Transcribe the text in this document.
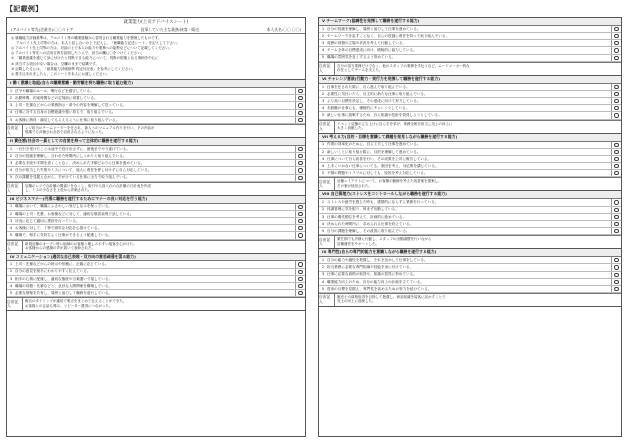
【記載例】
就業能力(上司アドバイスシート)
(アルバイト等先(企業名):〇〇ストア	従事していた主な業務:接客・販売	本人氏名:〇〇 〇〇)

◎ 就職能力評価基準は、アルバイト等の職業経験から習得される職業能力を整理したものです。

アルバイト先上司等の方は、本人と話し合いの上で記入し、「就職能力記述シート」を記入して下さい。

◎ アルバイト先上司等の方は、対話の上で本人の能力や業務への姿勢などについて記載してください。

◎ アルバイト等先への活用目的を説明したうえで、該当の欄に〇をつけてください。

① 「職業意識を通じて身に付けたと判断できる能力について、判断の根拠となる事柄を中心に

② 該当する項目がない場合は、空欄のままで結構です。

③ 記載した方には、「就業能力評価基準 判定付記表」を参考にしてください。

◎ 書き込まれましたら、このシートを本人にお渡しください。

I 働く意識と取組(自らの職業意識・勤労観を持ち職務に取り組む能力)
1 法令や職場のルール、慣行などを遵守している。
2 出勤時間、約束時間などの定刻前に到着している。
3 上司・先輩などからの業務指示・命令の内容を理解して従っている。
4 仕事に対する自身の目標意識や強い持ちで、取り組んでいる。
5 お客様に納得・満足してもらえるように仕事に取り組んでいる。
自由記入

レジ担当のチームリーダーを任され、新人へのマニュアル作りを行い、その内容が

現場でも評価され全店で活用されるようになった。

II 責任感(社会の一員としての自覚を持って主体的に職務を遂行する能力)
1 一旦引き受けたことは途中で投げ出さずに、最後までやり遂げている。
2 自分の役割を理解し、言われた時間内にしっかりと取り組んでいる。
3 必要な手続や手間を省くことなく、決められた手順どおりに仕事を進めている。
4 自分が担当した失敗やミスについて、他人に責任を押し付けずに自ら対応している。
5 次の課題を見据えながら、手がけている仕事に全力で取り組んでいる。
自由記入

店舗のレジで合計額の間違いをなくし、取引や人員入れの合計額の日計表を作成

し、ミスの少なさを上長から評価された。

III ビジネスマナー(円滑に職務を遂行するためにマナーの良い対応を行う能力)
1 職場において、職場にふさわしい身だしなみを保っている。
2 職場の上司・先輩、お客様などに対して、適切な敬語表現で話している。
3 状況に応じて適切に挨拶を行っている。
4 お客様に対して、丁寧で誠実な対応を心掛けている。
5 職場で、相手に気持ちよく仕事ができるよう配慮している。
自由記入

新規店舗のオープン時に地域のお客様と親しみやすい接客を心がけた。

お客様からの感謝の声が届いて表彰された。

IV コミュニケーション(適切な自己表現・双方向の意思疎通を図る能力)
1 上司・先輩などからの指示や依頼に、正確に応じている。
2 自分の意見を相手にわかりやすく伝えている。
3 相手の心情に配慮し、適切な態度や言葉遣いで接している。
4 職場の同僚・先輩などと、良好な人間関係を構築している。
5 必要な情報を共有し、周囲と協力して職務を遂行している。
自由記入

報告のタイミングが適切で要点をまとめて伝えることができた。

お客様との会話も弾み、リピーター獲得につながった。

V チームワーク(協調性を発揮して職務を遂行する能力)
1 自分の役割を理解し、周囲と協力して仕事を進めている。
2 チームワークを乱すことなく、自らの役割に責任を持って取り組んでいる。
3 周囲の同僚の立場や状況を考えて行動している。
4 チーム全体の目標達成に向け、積極的に協力している。
5 職場の雰囲気を良くするよう努めている。
自由記入

自分の担当業務だけでなく、他のスタッフの業務を手伝うなど、ムードメーカー的な

存在としてチームを支えた。

VI チャレンジ意欲(行動力・実行力を発揮して職務を遂行する能力)
1 仕事を任された際に、自ら進んで取り組んでいる。
2 必要性に気付いたら、自主的に新たな仕事に取り組んでいる。
3 より高い目標を設定し、その達成に向けて努力している。
4 未経験の仕事にも、積極的にチャレンジしている。
5 新しい仕事に挑戦するため、自ら知識や技術を習得しようとしている。
自由記入

イベント店舗の立ち上げに自ら手を挙げ、業務全般を担当し売上の向上に

大きく貢献した。

VII 考える力(目的・目標を意識して課題を発見しながら職務を遂行する能力)
1 作業の効率化のために、自ら工夫して仕事を進めている。
2 新しいことに取り組む際に、目的を理解して進めている。
3 仕事について自ら改善を行い、その成果を上司に報告している。
4 上手くいかない仕事についても、原因を考え、対応策を講じている。
5 不測の問題やトラブルに対しても、原因を考え対応している。
自由記入

店舗レイアウトについて、お客様の動線を考えた改善案を提案し、

その案が採用された。

VIII 自己管理力(ストレスをコントロールしながら職務を遂行する能力)
1 ストレスや疲労を感じた時も、感情的にならずに業務を行っている。
2 体調管理に気を配り、休まず出勤している。
3 仕事の優先順位を考えて、計画的に進めている。
4 決められた時間内に、求められる仕事を終えている。
5 自分の課題を理解し、その改善に取り組んでいる。
自由記入

繁忙期でも冷静に行動し、スタッフの出勤調整を行いながら

店舗運営をサポートした。

IX 専門性(自らの専門的能力を意識しながら職務を遂行する能力)
1 自分の能力や適性を把握し、それを活かして仕事をしている。
2 担当業務に必要な専門知識や技能を身に付けている。
3 仕事に必要な資格の取得や、知識の習得に努めている。
4 職業能力向上のため、自分の能力向上の計画を立てている。
5 将来の目標を見据え、専門性を高めるための努力を続けている。
自由記入

販売士の資格取得を目指して勉強し、商品知識を接客に活かすことで

売上の向上に貢献した。
